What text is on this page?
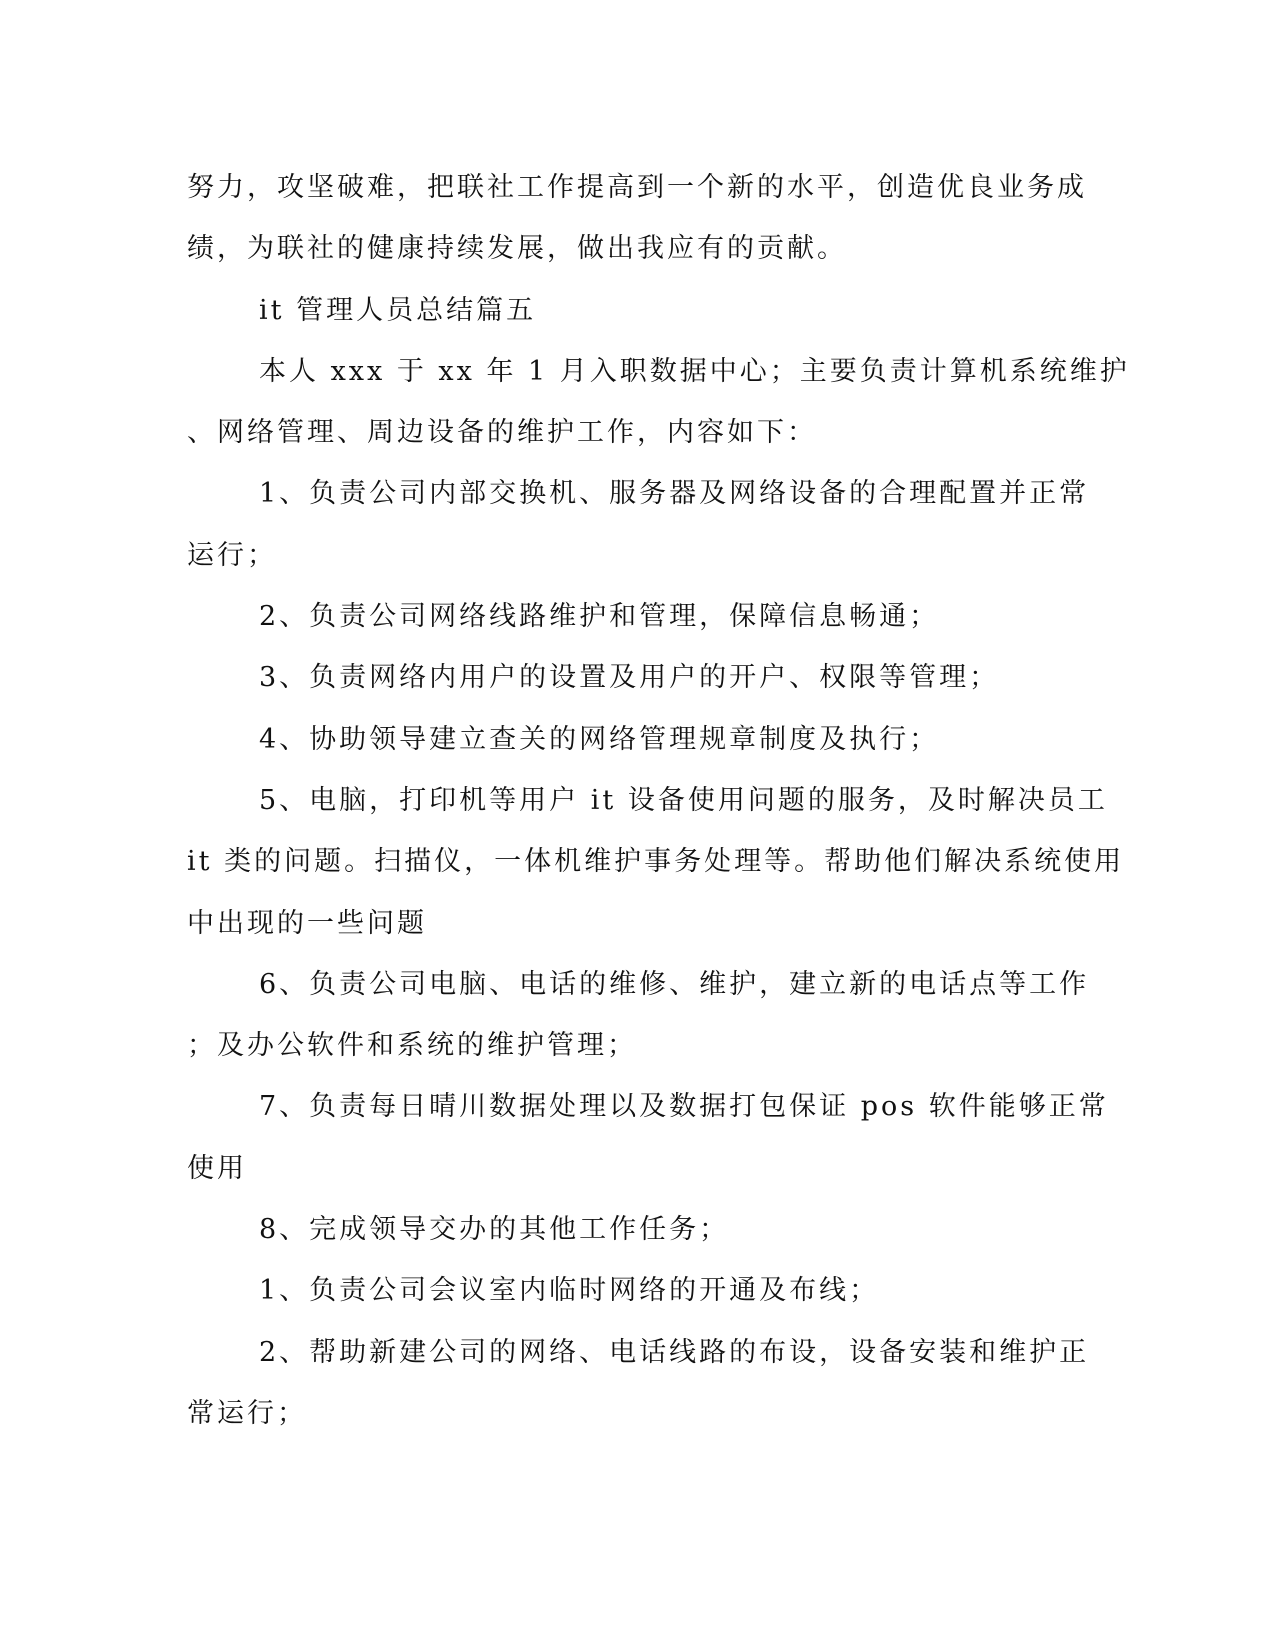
努力，攻坚破难，把联社工作提高到一个新的水平，创造优良业务成
绩，为联社的健康持续发展，做出我应有的贡献。
it 管理人员总结篇五
本人 xxx 于 xx 年 1 月入职数据中心；主要负责计算机系统维护
、网络管理、周边设备的维护工作，内容如下：
1、负责公司内部交换机、服务器及网络设备的合理配置并正常
运行；
2、负责公司网络线路维护和管理，保障信息畅通；
3、负责网络内用户的设置及用户的开户、权限等管理；
4、协助领导建立查关的网络管理规章制度及执行；
5、电脑，打印机等用户 it 设备使用问题的服务，及时解决员工
it 类的问题。扫描仪，一体机维护事务处理等。帮助他们解决系统使用
中出现的一些问题
6、负责公司电脑、电话的维修、维护，建立新的电话点等工作
；及办公软件和系统的维护管理；
7、负责每日晴川数据处理以及数据打包保证 pos 软件能够正常
使用
8、完成领导交办的其他工作任务；
1、负责公司会议室内临时网络的开通及布线；
2、帮助新建公司的网络、电话线路的布设，设备安装和维护正
常运行；
